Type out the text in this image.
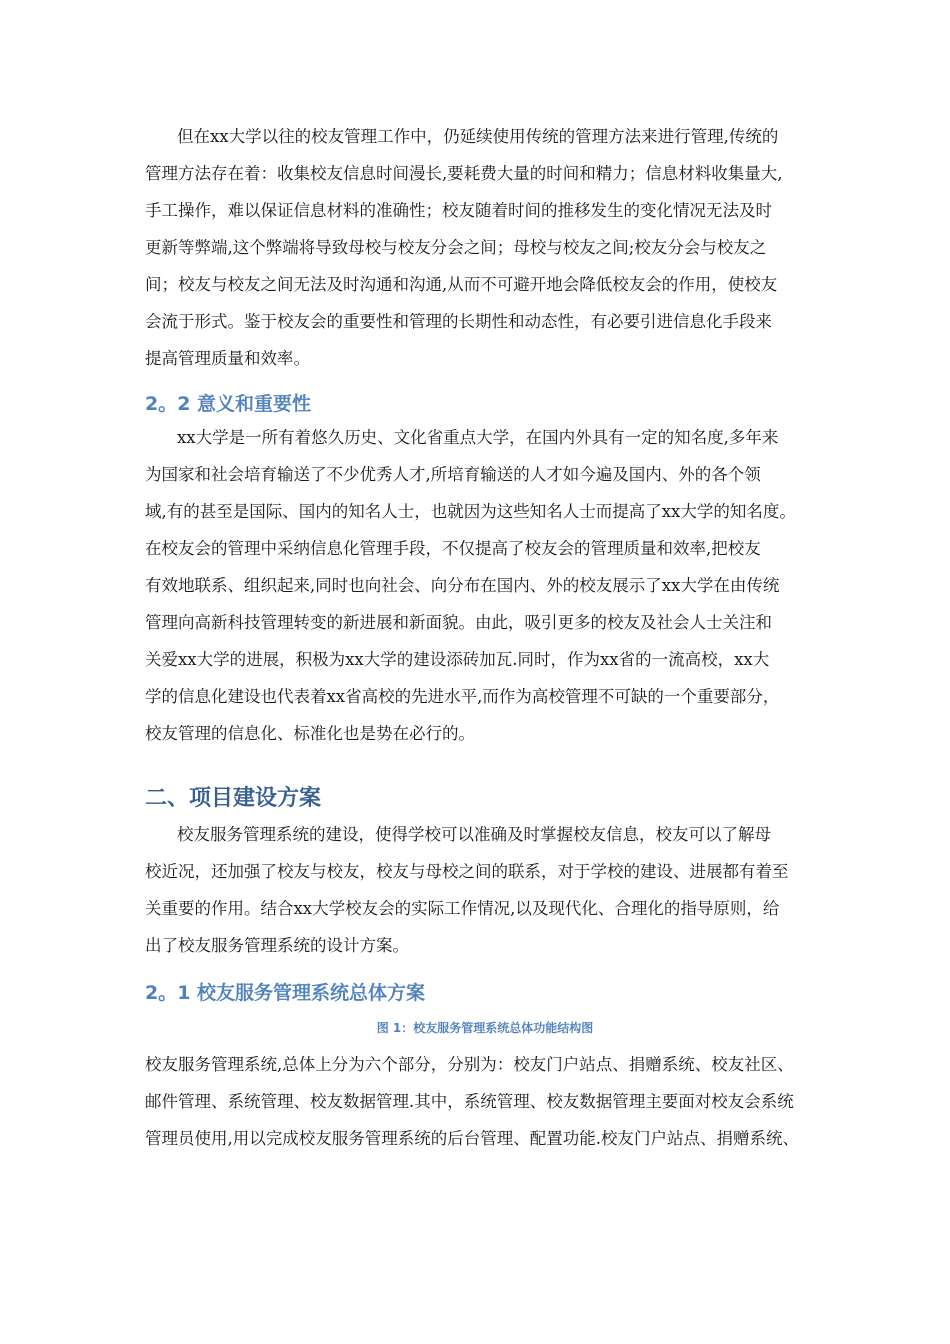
但在xx大学以往的校友管理工作中，仍延续使用传统的管理方法来进行管理,传统的

管理方法存在着：收集校友信息时间漫长,要耗费大量的时间和精力；信息材料收集量大,

手工操作，难以保证信息材料的准确性；校友随着时间的推移发生的变化情况无法及时

更新等弊端,这个弊端将导致母校与校友分会之间；母校与校友之间;校友分会与校友之

间；校友与校友之间无法及时沟通和沟通,从而不可避开地会降低校友会的作用，使校友

会流于形式。鉴于校友会的重要性和管理的长期性和动态性，有必要引进信息化手段来

提高管理质量和效率。

2。2 意义和重要性

xx大学是一所有着悠久历史、文化省重点大学，在国内外具有一定的知名度,多年来

为国家和社会培育输送了不少优秀人才,所培育输送的人才如今遍及国内、外的各个领

域,有的甚至是国际、国内的知名人士，也就因为这些知名人士而提高了xx大学的知名度。

在校友会的管理中采纳信息化管理手段，不仅提高了校友会的管理质量和效率,把校友

有效地联系、组织起来,同时也向社会、向分布在国内、外的校友展示了xx大学在由传统

管理向高新科技管理转变的新进展和新面貌。由此，吸引更多的校友及社会人士关注和

关爱xx大学的进展，积极为xx大学的建设添砖加瓦.同时，作为xx省的一流高校，xx大

学的信息化建设也代表着xx省高校的先进水平,而作为高校管理不可缺的一个重要部分，

校友管理的信息化、标准化也是势在必行的。

二、项目建设方案

校友服务管理系统的建设，使得学校可以准确及时掌握校友信息，校友可以了解母

校近况，还加强了校友与校友，校友与母校之间的联系，对于学校的建设、进展都有着至

关重要的作用。结合xx大学校友会的实际工作情况,以及现代化、合理化的指导原则，给

出了校友服务管理系统的设计方案。

2。1 校友服务管理系统总体方案

图 1：校友服务管理系统总体功能结构图

校友服务管理系统,总体上分为六个部分，分别为：校友门户站点、捐赠系统、校友社区、

邮件管理、系统管理、校友数据管理.其中，系统管理、校友数据管理主要面对校友会系统

管理员使用,用以完成校友服务管理系统的后台管理、配置功能.校友门户站点、捐赠系统、
